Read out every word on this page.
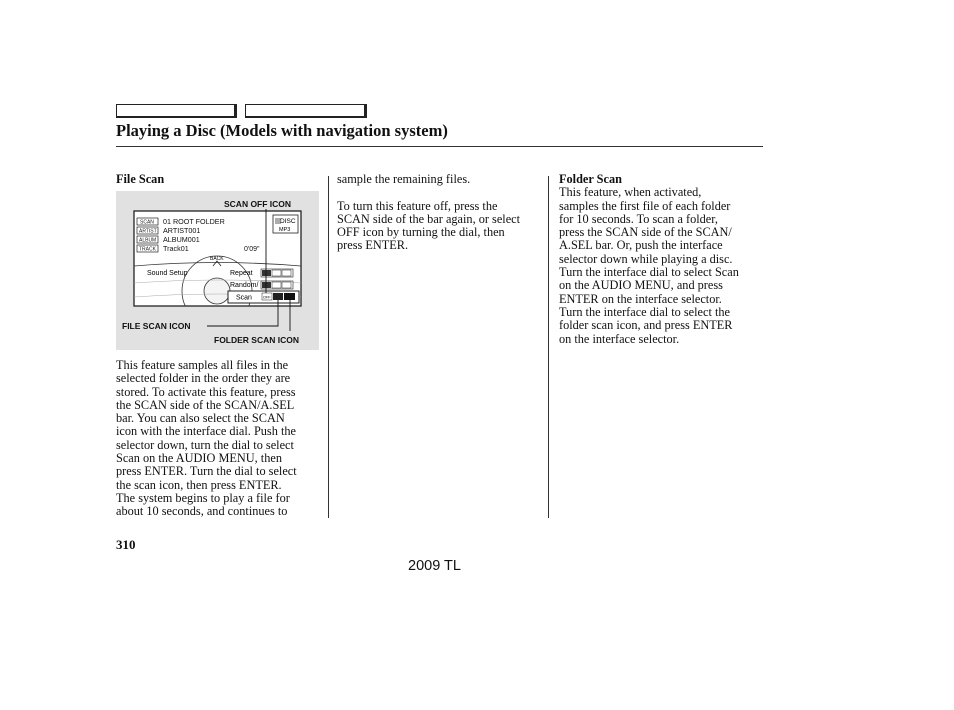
Playing a Disc (Models with navigation system)

File Scan

This feature samples all files in the

selected folder in the order they are

stored. To activate this feature, press

the SCAN side of the SCAN/A.SEL

bar. You can also select the SCAN

icon with the interface dial. Push the

selector down, turn the dial to select

Scan on the AUDIO MENU, then

press ENTER. Turn the dial to select

the scan icon, then press ENTER.

The system begins to play a file for

about 10 seconds, and continues to

SCAN OFF ICON
FILE SCAN ICON
FOLDER SCAN ICON
SCAN
ARTIST
ALBUM
TRACK
01 ROOT FOLDER
ARTIST001
ALBUM001
Track01	0'09"
DISC
MP3
BACK
Sound Setup	Repeat
Random/
Scan	OFF

sample the remaining files.

To turn this feature off, press the

SCAN side of the bar again, or select

OFF icon by turning the dial, then

press ENTER.

Folder Scan

This feature, when activated,

samples the first file of each folder

for 10 seconds. To scan a folder,

press the SCAN side of the SCAN/

A.SEL bar. Or, push the interface

selector down while playing a disc.

Turn the interface dial to select Scan

on the AUDIO MENU, and press

ENTER on the interface selector.

Turn the interface dial to select the

folder scan icon, and press ENTER

on the interface selector.

310
2009 TL
